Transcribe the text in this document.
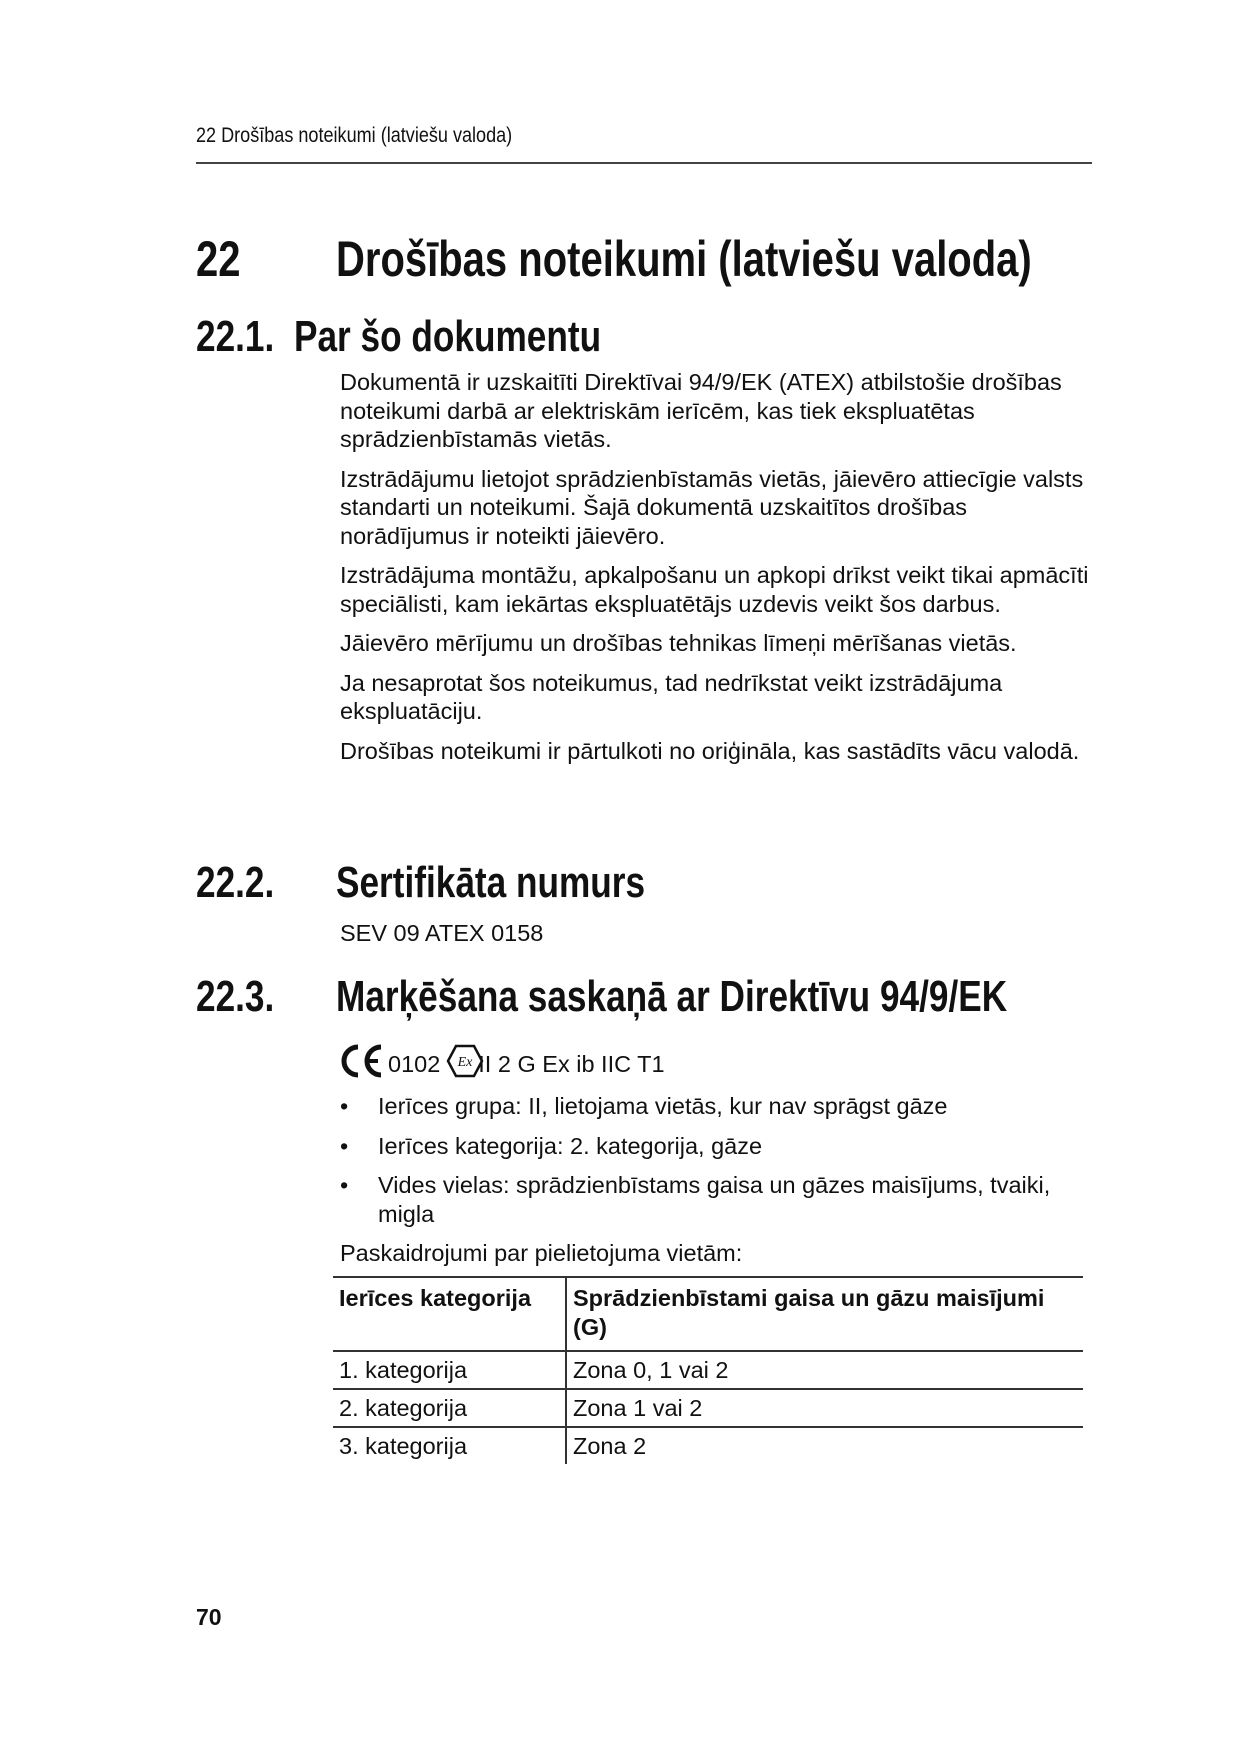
22 Drošības noteikumi (latviešu valoda)
22 Drošības noteikumi (latviešu valoda)
22.1. Par šo dokumentu

Dokumentā ir uzskaitīti Direktīvai 94/9/EK (ATEX) atbilstošie drošības noteikumi darbā ar elektriskām ierīcēm, kas tiek ekspluatētas sprādzienbīstamās vietās.

Izstrādājumu lietojot sprādzienbīstamās vietās, jāievēro attiecīgie valsts standarti un noteikumi. Šajā dokumentā uzskaitītos drošības norādījumus ir noteikti jāievēro.

Izstrādājuma montāžu, apkalpošanu un apkopi drīkst veikt tikai apmācīti speciālisti, kam iekārtas ekspluatētājs uzdevis veikt šos darbus.

Jāievēro mērījumu un drošības tehnikas līmeņi mērīšanas vietās.

Ja nesaprotat šos noteikumus, tad nedrīkstat veikt izstrādājuma ekspluatāciju.

Drošības noteikumi ir pārtulkoti no oriģināla, kas sastādīts vācu valodā.

22.2. Sertifikāta numurs
SEV 09 ATEX 0158
22.3. Marķēšana saskaņā ar Direktīvu 94/9/EK
0102 Ex II 2 G Ex ib IIC T1
• Ierīces grupa: II, lietojama vietās, kur nav sprāgst gāze
• Ierīces kategorija: 2. kategorija, gāze
• Vides vielas: sprādzienbīstams gaisa un gāzes maisījums, tvaiki, migla
Paskaidrojumi par pielietojuma vietām:
Ierīces kategorija	Sprādzienbīstami gaisa un gāzu maisījumi (G)
1. kategorija	Zona 0, 1 vai 2
2. kategorija	Zona 1 vai 2
3. kategorija	Zona 2
70
